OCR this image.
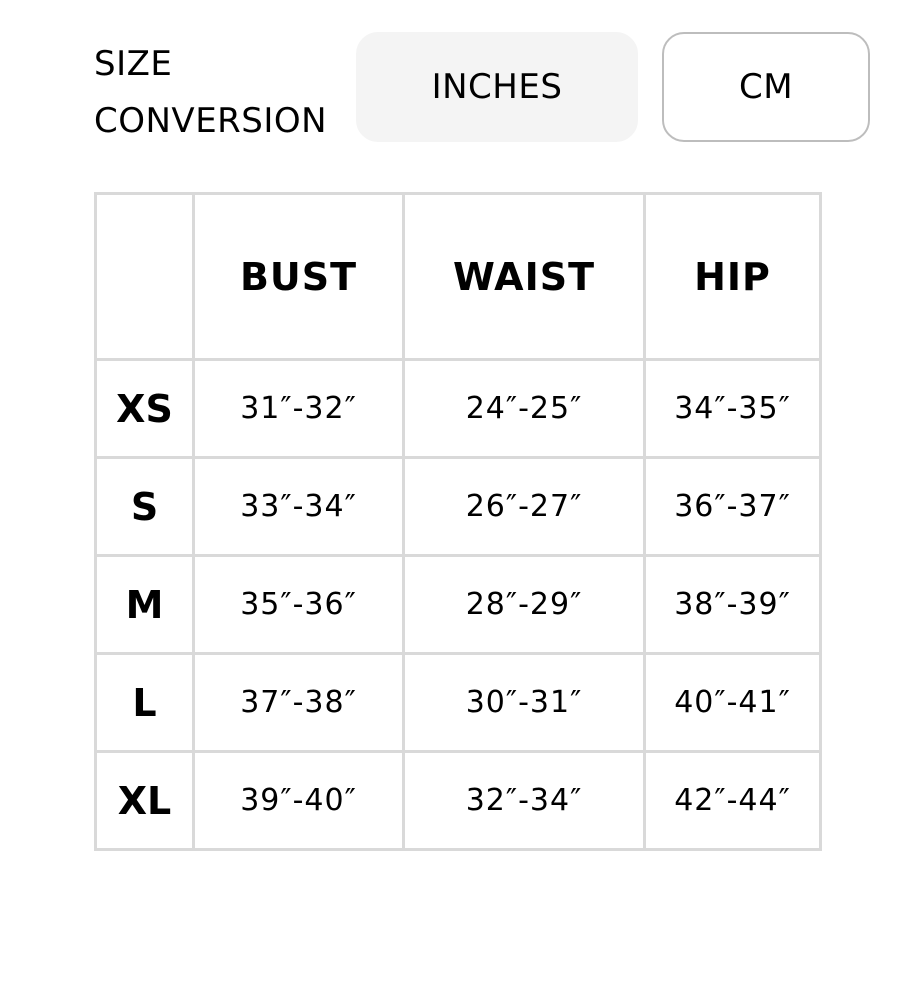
SIZE
CONVERSION
INCHES	CM
	BUST	WAIST	HIP
XS	31″-32″	24″-25″	34″-35″
S	33″-34″	26″-27″	36″-37″
M	35″-36″	28″-29″	38″-39″
L	37″-38″	30″-31″	40″-41″
XL	39″-40″	32″-34″	42″-44″
